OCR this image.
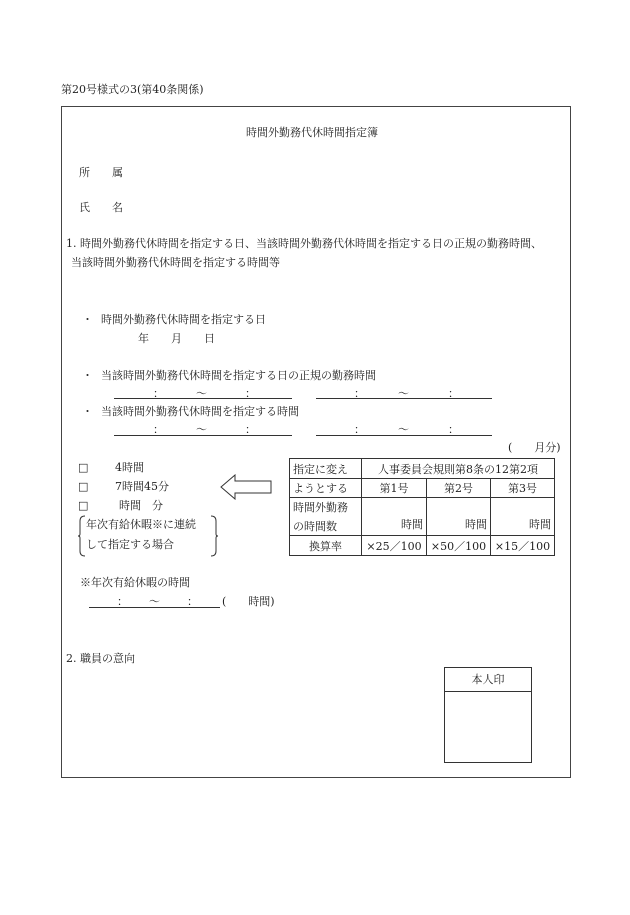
第20号様式の3(第40条関係)
時間外勤務代休時間指定簿
所　　属
氏　　名
1. 時間外勤務代休時間を指定する日、当該時間外勤務代休時間を指定する日の正規の勤務時間、
当該時間外勤務代休時間を指定する時間等
・ 時間外勤務代休時間を指定する日
年　　月　　日
・ 当該時間外勤務代休時間を指定する日の正規の勤務時間
：	〜	：	：	〜	：
・ 当該時間外勤務代休時間を指定する時間
：	〜	：	：	〜	：
(　　月分)
□ 4時間
□ 7時間45分
□	時間　分
年次有給休暇※に連続
して指定する場合
指定に変え	人事委員会規則第8条の12第2項		
ようとする	第1号	第2号	第3号
時間外勤務	時間	時間	時間
の時間数			
換算率	×25／100	×50／100	×15／100
※年次有給休暇の時間
： 〜 ： (　　時間)
2. 職員の意向
本人印
